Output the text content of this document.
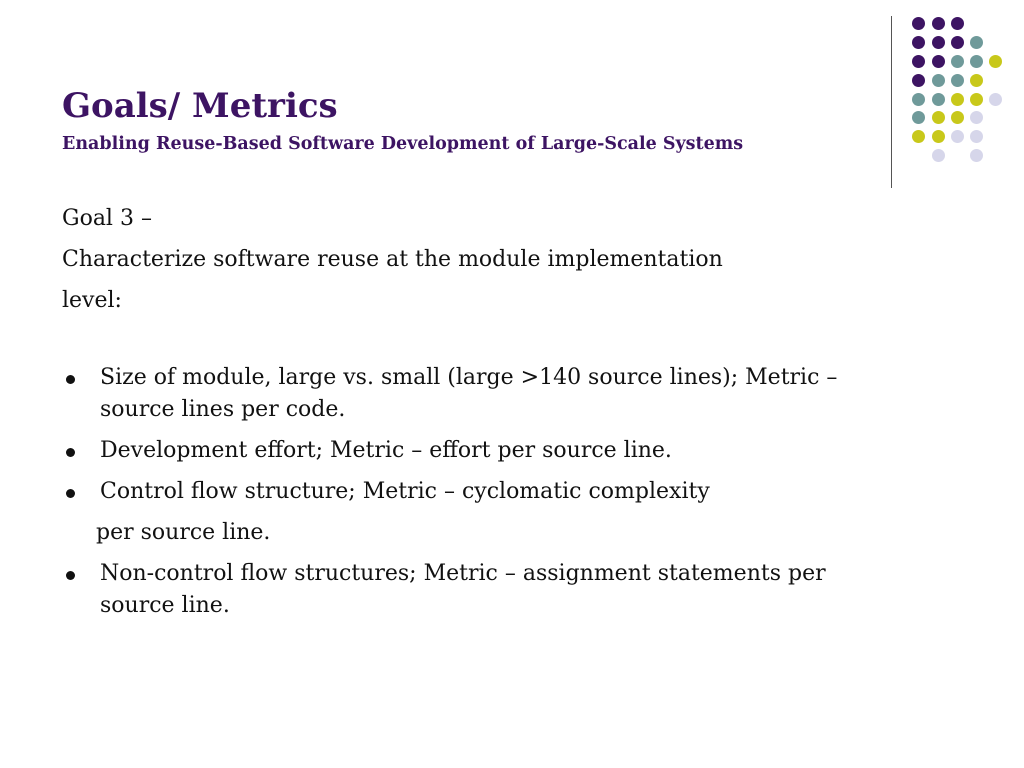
Goals/ Metrics
Enabling Reuse-Based Software Development of Large-Scale Systems

Goal 3 –

Characterize software reuse at the module implementation

level:

Size of module, large vs. small (large >140 source lines); Metric – source lines per code.
Development effort; Metric – effort per source line.
Control flow structure; Metric – cyclomatic complexity
per source line.
Non-control flow structures; Metric – assignment statements per source line.
